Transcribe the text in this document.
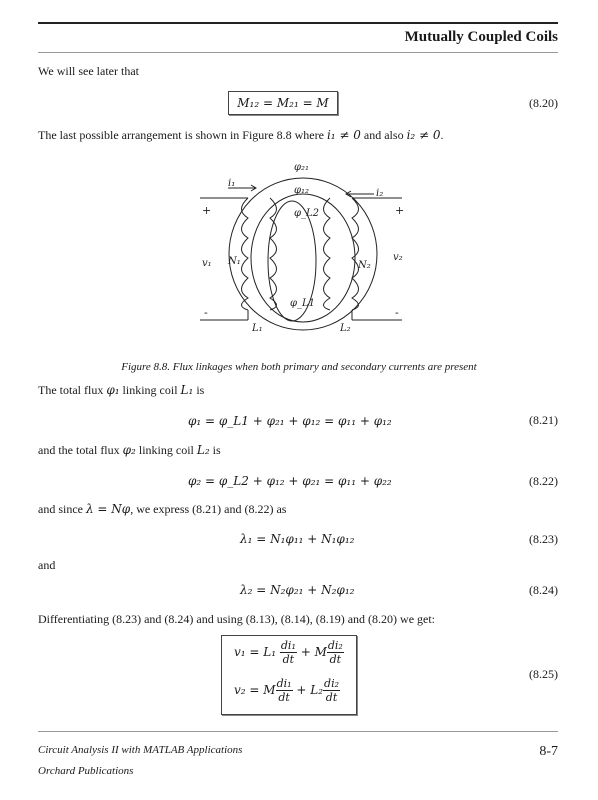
Mutually Coupled Coils
We will see later that
M₁₂ = M₂₁ = M	(8.20)
The last possible arrangement is shown in Figure 8.8 where i₁ ≠ 0 and also i₂ ≠ 0.
φ₂₁
φ₁₂
φ_L2
φ_L1
i₁
i₂
v₁
v₂
N₁	N₂
L₁	L₂
+	+
-	-
Figure 8.8. Flux linkages when both primary and secondary currents are present
The total flux φ₁ linking coil L₁ is
φ₁ = φ_L1 + φ₂₁ + φ₁₂ = φ₁₁ + φ₁₂	(8.21)
and the total flux φ₂ linking coil L₂ is
φ₂ = φ_L2 + φ₁₂ + φ₂₁ = φ₁₁ + φ₂₂	(8.22)
and since λ = Nφ, we express (8.21) and (8.22) as
λ₁ = N₁φ₁₁ + N₁φ₁₂	(8.23)
and
λ₂ = N₂φ₂₁ + N₂φ₁₂	(8.24)
Differentiating (8.23) and (8.24) and using (8.13), (8.14), (8.19) and (8.20) we get:
$v_1 = L_1 \frac{\text{di₁}}{dt} + M \frac{\text{di₂}}{dt}$
v₂ = M $\frac{\text{di₁}}{dt} + L_2 \frac{\text{di₂}}{dt}$
(8.25)
Circuit Analysis II with MATLAB Applications
Orchard Publications
8-7
